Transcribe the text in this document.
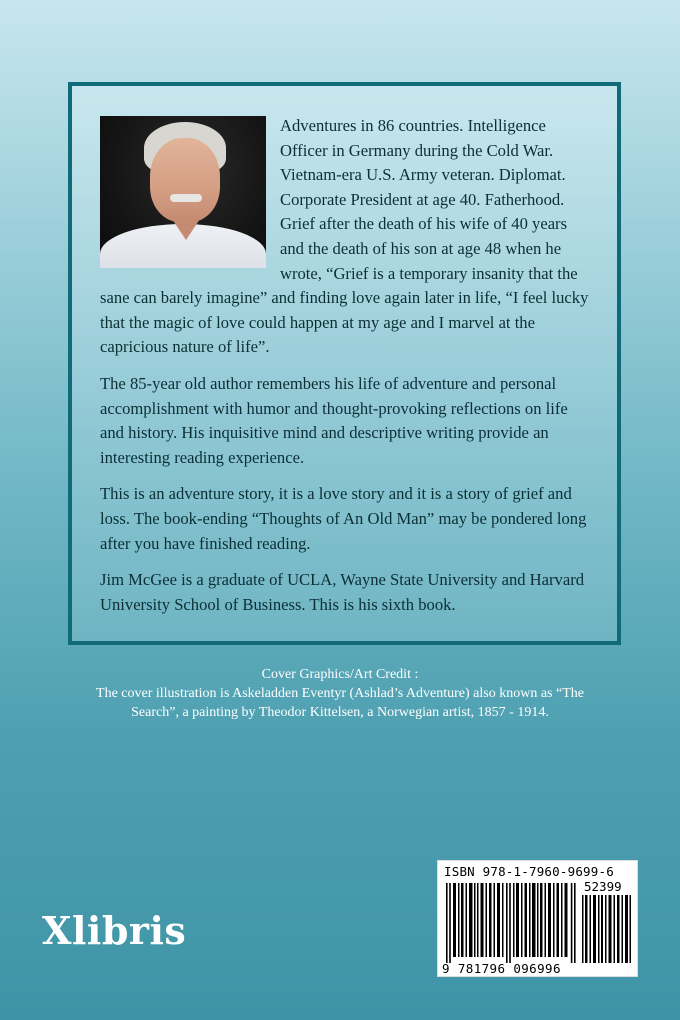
Adventures in 86 countries. Intelligence Officer in Germany during the Cold War. Vietnam-era U.S. Army veteran. Diplomat. Corporate President at age 40. Fatherhood. Grief after the death of his wife of 40 years and the death of his son at age 48 when he wrote, “Grief is a temporary insanity that the sane can barely imagine” and finding love again later in life, “I feel lucky that the magic of love could happen at my age and I marvel at the capricious nature of life”.

The 85-year old author remembers his life of adventure and personal accomplishment with humor and thought-provoking reflections on life and history. His inquisitive mind and descriptive writing provide an interesting reading experience.

This is an adventure story, it is a love story and it is a story of grief and loss. The book-ending “Thoughts of An Old Man” may be pondered long after you have finished reading.

Jim McGee is a graduate of UCLA, Wayne State University and Harvard University School of Business. This is his sixth book.

Cover Graphics/Art Credit :

The cover illustration is Askeladden Eventyr (Ashlad’s Adventure) also known as “The Search”, a painting by Theodor Kittelsen, a Norwegian artist, 1857 - 1914.

Xlibris
ISBN 978-1-7960-9699-6
52399
9 781796 096996
